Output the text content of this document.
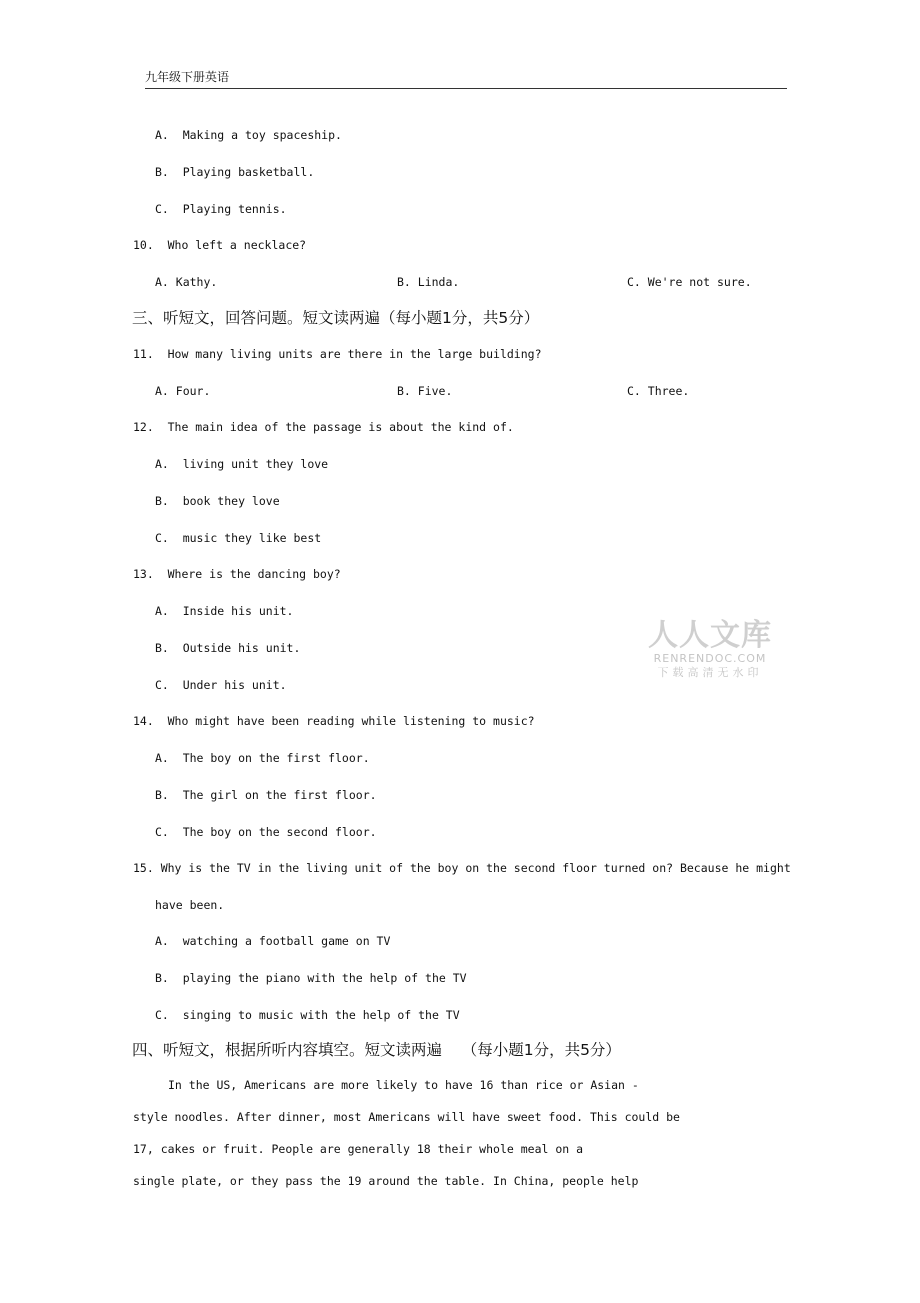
九年级下册英语
A.  Making a toy spaceship.
B.  Playing basketball.
C.  Playing tennis.
10.  Who left a necklace?
A. Kathy.	B. Linda.	C. We're not sure.
三、听短文，回答问题。短文读两遍（每小题1分，共5分）
11.  How many living units are there in the large building?
A. Four.	B. Five.	C. Three.
12.  The main idea of the passage is about the kind of.
A.  living unit they love
B.  book they love
C.  music they like best
13.  Where is the dancing boy?
A.  Inside his unit.
B.  Outside his unit.
C.  Under his unit.
人人文库
RENRENDOC.COM
下载高清无水印
14.  Who might have been reading while listening to music?
A.  The boy on the first floor.
B.  The girl on the first floor.
C.  The boy on the second floor.
15. Why is the TV in the living unit of the boy on the second floor turned on? Because he might
have been.
A.  watching a football game on TV
B.  playing the piano with the help of the TV
C.  singing to music with the help of the TV
四、听短文，根据所听内容填空。短文读两遍    （每小题1分，共5分）
In the US, Americans are more likely to have 16 than rice or Asian -
style noodles. After dinner, most Americans will have sweet food. This could be
17, cakes or fruit. People are generally 18 their whole meal on a
single plate, or they pass the 19 around the table. In China, people help
